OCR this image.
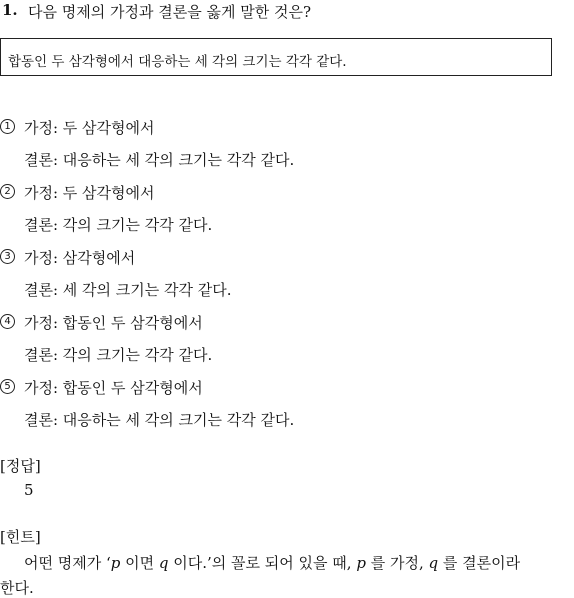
1. 다음 명제의 가정과 결론을 옳게 말한 것은?
합동인 두 삼각형에서 대응하는 세 각의 크기는 각각 같다.
1 가정: 두 삼각형에서
결론: 대응하는 세 각의 크기는 각각 같다.
2 가정: 두 삼각형에서
결론: 각의 크기는 각각 같다.
3 가정: 삼각형에서
결론: 세 각의 크기는 각각 같다.
4 가정: 합동인 두 삼각형에서
결론: 각의 크기는 각각 같다.
5 가정: 합동인 두 삼각형에서
결론: 대응하는 세 각의 크기는 각각 같다.
[정답]
5
[힌트]
어떤 명제가 ‘p 이면 q 이다.’의 꼴로 되어 있을 때, p 를 가정, q 를 결론이라
한다.
